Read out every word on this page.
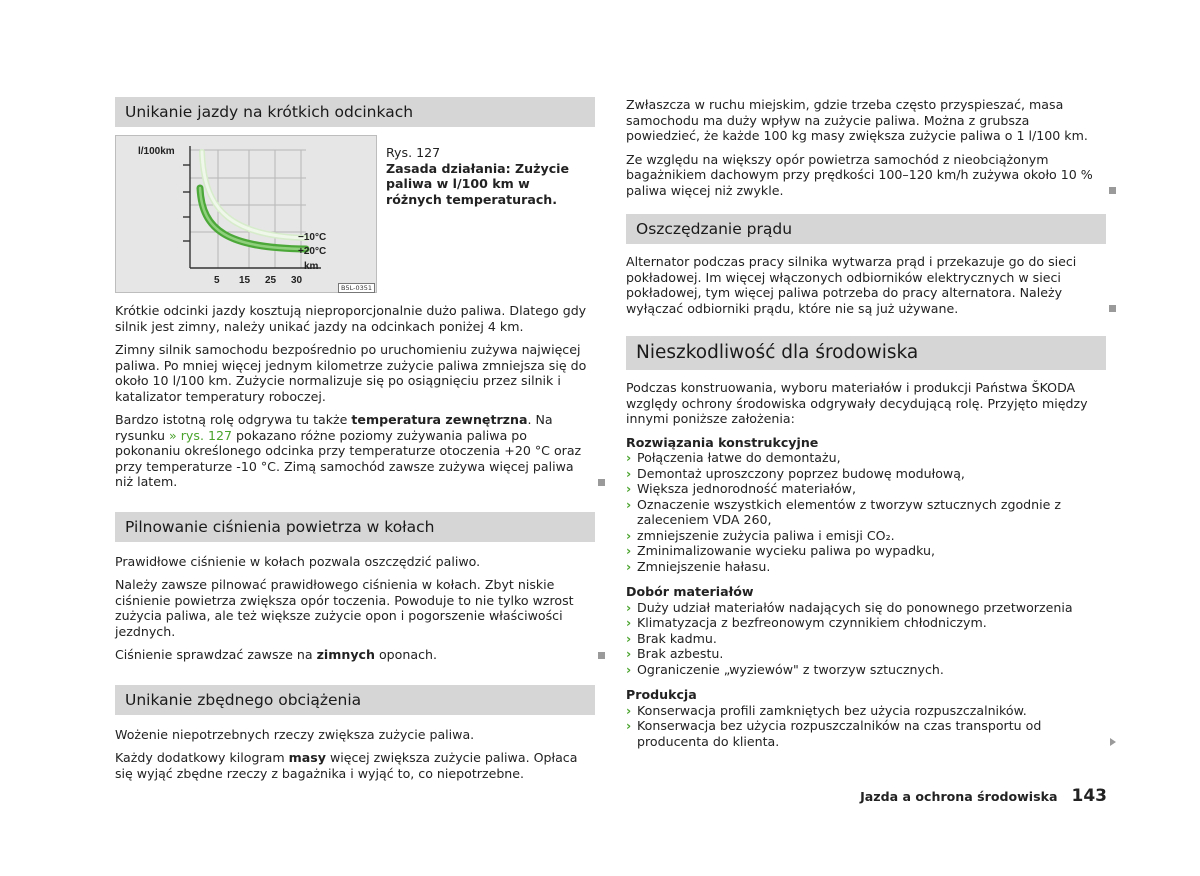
Unikanie jazdy na krótkich odcinkach
l/100km
−10°C
+20°C
km
5 15 25 30
B5L-0351
Rys. 127
Zasada działania: Zużycie paliwa w l/100 km w różnych temperaturach.

Krótkie odcinki jazdy kosztują nieproporcjonalnie dużo paliwa. Dlatego gdy silnik jest zimny, należy unikać jazdy na odcinkach poniżej 4 km.

Zimny silnik samochodu bezpośrednio po uruchomieniu zużywa najwięcej paliwa. Po mniej więcej jednym kilometrze zużycie paliwa zmniejsza się do około 10 l/100 km. Zużycie normalizuje się po osiągnięciu przez silnik i katalizator temperatury roboczej.

Bardzo istotną rolę odgrywa tu także temperatura zewnętrzna. Na rysunku » rys. 127 pokazano różne poziomy zużywania paliwa po pokonaniu określonego odcinka przy temperaturze otoczenia +20 °C oraz przy temperaturze -10 °C. Zimą samochód zawsze zużywa więcej paliwa niż latem.

Pilnowanie ciśnienia powietrza w kołach

Prawidłowe ciśnienie w kołach pozwala oszczędzić paliwo.

Należy zawsze pilnować prawidłowego ciśnienia w kołach. Zbyt niskie ciśnienie powietrza zwiększa opór toczenia. Powoduje to nie tylko wzrost zużycia paliwa, ale też większe zużycie opon i pogorszenie właściwości jezdnych.

Ciśnienie sprawdzać zawsze na zimnych oponach.

Unikanie zbędnego obciążenia

Wożenie niepotrzebnych rzeczy zwiększa zużycie paliwa.

Każdy dodatkowy kilogram masy więcej zwiększa zużycie paliwa. Opłaca się wyjąć zbędne rzeczy z bagażnika i wyjąć to, co niepotrzebne.

Zwłaszcza w ruchu miejskim, gdzie trzeba często przyspieszać, masa samochodu ma duży wpływ na zużycie paliwa. Można z grubsza powiedzieć, że każde 100 kg masy zwiększa zużycie paliwa o 1 l/100 km.

Ze względu na większy opór powietrza samochód z nieobciążonym bagażnikiem dachowym przy prędkości 100–120 km/h zużywa około 10 % paliwa więcej niż zwykle.

Oszczędzanie prądu

Alternator podczas pracy silnika wytwarza prąd i przekazuje go do sieci pokładowej. Im więcej włączonych odbiorników elektrycznych w sieci pokładowej, tym więcej paliwa potrzeba do pracy alternatora. Należy wyłączać odbiorniki prądu, które nie są już używane.

Nieszkodliwość dla środowiska

Podczas konstruowania, wyboru materiałów i produkcji Państwa ŠKODA względy ochrony środowiska odgrywały decydującą rolę. Przyjęto między innymi poniższe założenia:

Rozwiązania konstrukcyjne
› Połączenia łatwe do demontażu,
› Demontaż uproszczony poprzez budowę modułową,
› Większa jednorodność materiałów,
› Oznaczenie wszystkich elementów z tworzyw sztucznych zgodnie z zaleceniem VDA 260,
› zmniejszenie zużycia paliwa i emisji CO₂.
› Zminimalizowanie wycieku paliwa po wypadku,
› Zmniejszenie hałasu.
Dobór materiałów
› Duży udział materiałów nadających się do ponownego przetworzenia
› Klimatyzacja z bezfreonowym czynnikiem chłodniczym.
› Brak kadmu.
› Brak azbestu.
› Ograniczenie „wyziewów" z tworzyw sztucznych.
Produkcja
› Konserwacja profili zamkniętych bez użycia rozpuszczalników.
› Konserwacja bez użycia rozpuszczalników na czas transportu od producenta do klienta.
Jazda a ochrona środowiska 143
